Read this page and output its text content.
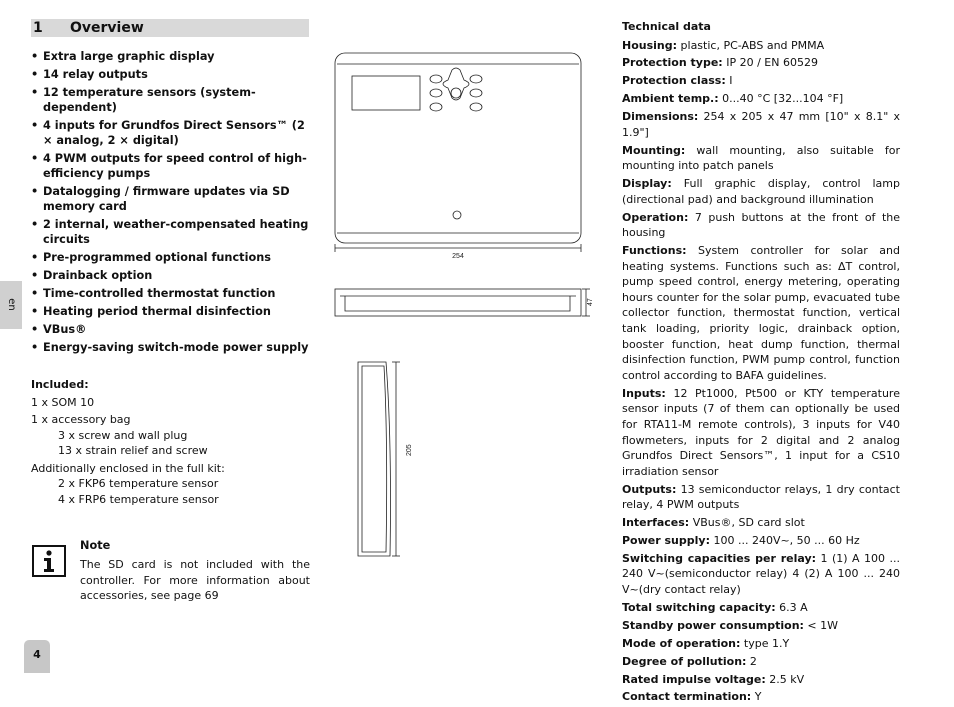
1 Overview
• Extra large graphic display
• 14 relay outputs
• 12 temperature sensors (system-dependent)
• 4 inputs for Grundfos Direct Sensors™ (2 × analog, 2 × digital)
• 4 PWM outputs for speed control of high-efficiency pumps
• Datalogging / firmware updates via SD memory card
• 2 internal, weather-compensated heating circuits
• Pre-programmed optional functions
• Drainback option
• Time-controlled thermostat function
• Heating period thermal disinfection
• VBus®
• Energy-saving switch-mode power supply
Included:
1 x SOM 10
1 x accessory bag
3 x screw and wall plug
13 x strain relief and screw
Additionally enclosed in the full kit:
2 x FKP6 temperature sensor
4 x FRP6 temperature sensor
Note
The SD card is not included with the controller. For more information about accessories, see page 69
en
4
254
47
205

Technical data

Housing: plastic, PC-ABS and PMMA

Protection type: IP 20 / EN 60529

Protection class: I

Ambient temp.: 0...40 °C [32...104 °F]

Dimensions: 254 x 205 x 47 mm [10" x 8.1" x 1.9"]

Mounting: wall mounting, also suitable for mounting into patch panels

Display: Full graphic display, control lamp (directional pad) and background illumination

Operation: 7 push buttons at the front of the housing

Functions: System controller for solar and heating systems. Functions such as: ΔT control, pump speed control, energy metering, operating hours counter for the solar pump, evacuated tube collector function, thermostat function, vertical tank loading, priority logic, drainback option, booster function, heat dump function, thermal disinfection function, PWM pump control, function control according to BAFA guidelines.

Inputs: 12 Pt1000, Pt500 or KTY temperature sensor inputs (7 of them can optionally be used for RTA11-M remote controls), 3 inputs for V40 flowmeters, inputs for 2 digital and 2 analog Grundfos Direct Sensors™, 1 input for a CS10 irradiation sensor

Outputs: 13 semiconductor relays, 1 dry contact relay, 4 PWM outputs

Interfaces: VBus®, SD card slot

Power supply: 100 ... 240V~, 50 ... 60 Hz

Switching capacities per relay: 1 (1) A 100 ... 240 V~(semiconductor relay) 4 (2) A 100 ... 240 V~(dry contact relay)

Total switching capacity: 6.3 A

Standby power consumption: < 1W

Mode of operation: type 1.Y

Degree of pollution: 2

Rated impulse voltage: 2.5 kV

Contact termination: Y
